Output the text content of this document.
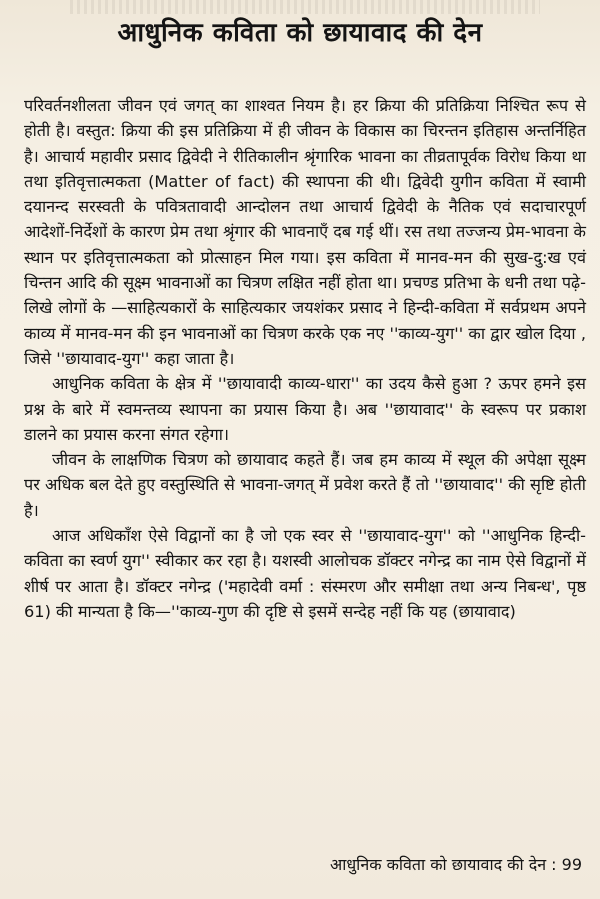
आधुनिक कविता को छायावाद की देन

परिवर्तनशीलता जीवन एवं जगत् का शाश्वत नियम है। हर क्रिया की प्रतिक्रिया निश्चित रूप से होती है। वस्तुत: क्रिया की इस प्रतिक्रिया में ही जीवन के विकास का चिरन्तन इतिहास अन्तर्निहित है। आचार्य महावीर प्रसाद द्विवेदी ने रीतिकालीन श्रृंगारिक भावना का तीव्रतापूर्वक विरोध किया था तथा इतिवृत्तात्मकता (Matter of fact) की स्थापना की थी। द्विवेदी युगीन कविता में स्वामी दयानन्द सरस्वती के पवित्रतावादी आन्दोलन तथा आचार्य द्विवेदी के नैतिक एवं सदाचारपूर्ण आदेशों-निर्देशों के कारण प्रेम तथा श्रृंगार की भावनाएँ दब गई थीं। रस तथा तज्जन्य प्रेम-भावना के स्थान पर इतिवृत्तात्मकता को प्रोत्साहन मिल गया। इस कविता में मानव-मन की सुख-दु:ख एवं चिन्तन आदि की सूक्ष्म भावनाओं का चित्रण लक्षित नहीं होता था। प्रचण्ड प्रतिभा के धनी तथा पढ़े-लिखे लोगों के —साहित्यकारों के साहित्यकार जयशंकर प्रसाद ने हिन्दी-कविता में सर्वप्रथम अपने काव्य में मानव-मन की इन भावनाओं का चित्रण करके एक नए ''काव्य-युग'' का द्वार खोल दिया , जिसे ''छायावाद-युग'' कहा जाता है।

आधुनिक कविता के क्षेत्र में ''छायावादी काव्य-धारा'' का उदय कैसे हुआ ? ऊपर हमने इस प्रश्न के बारे में स्वमन्तव्य स्थापना का प्रयास किया है। अब ''छायावाद'' के स्वरूप पर प्रकाश डालने का प्रयास करना संगत रहेगा।

जीवन के लाक्षणिक चित्रण को छायावाद कहते हैं। जब हम काव्य में स्थूल की अपेक्षा सूक्ष्म पर अधिक बल देते हुए वस्तुस्थिति से भावना-जगत् में प्रवेश करते हैं तो ''छायावाद'' की सृष्टि होती है।

आज अधिकाँश ऐसे विद्वानों का है जो एक स्वर से ''छायावाद-युग'' को ''आधुनिक हिन्दी-कविता का स्वर्ण युग'' स्वीकार कर रहा है। यशस्वी आलोचक डॉक्टर नगेन्द्र का नाम ऐसे विद्वानों में शीर्ष पर आता है। डॉक्टर नगेन्द्र ('महादेवी वर्मा : संस्मरण और समीक्षा तथा अन्य निबन्ध', पृष्ठ 61) की मान्यता है कि—''काव्य-गुण की दृष्टि से इसमें सन्देह नहीं कि यह (छायावाद)

आधुनिक कविता को छायावाद की देन : 99
